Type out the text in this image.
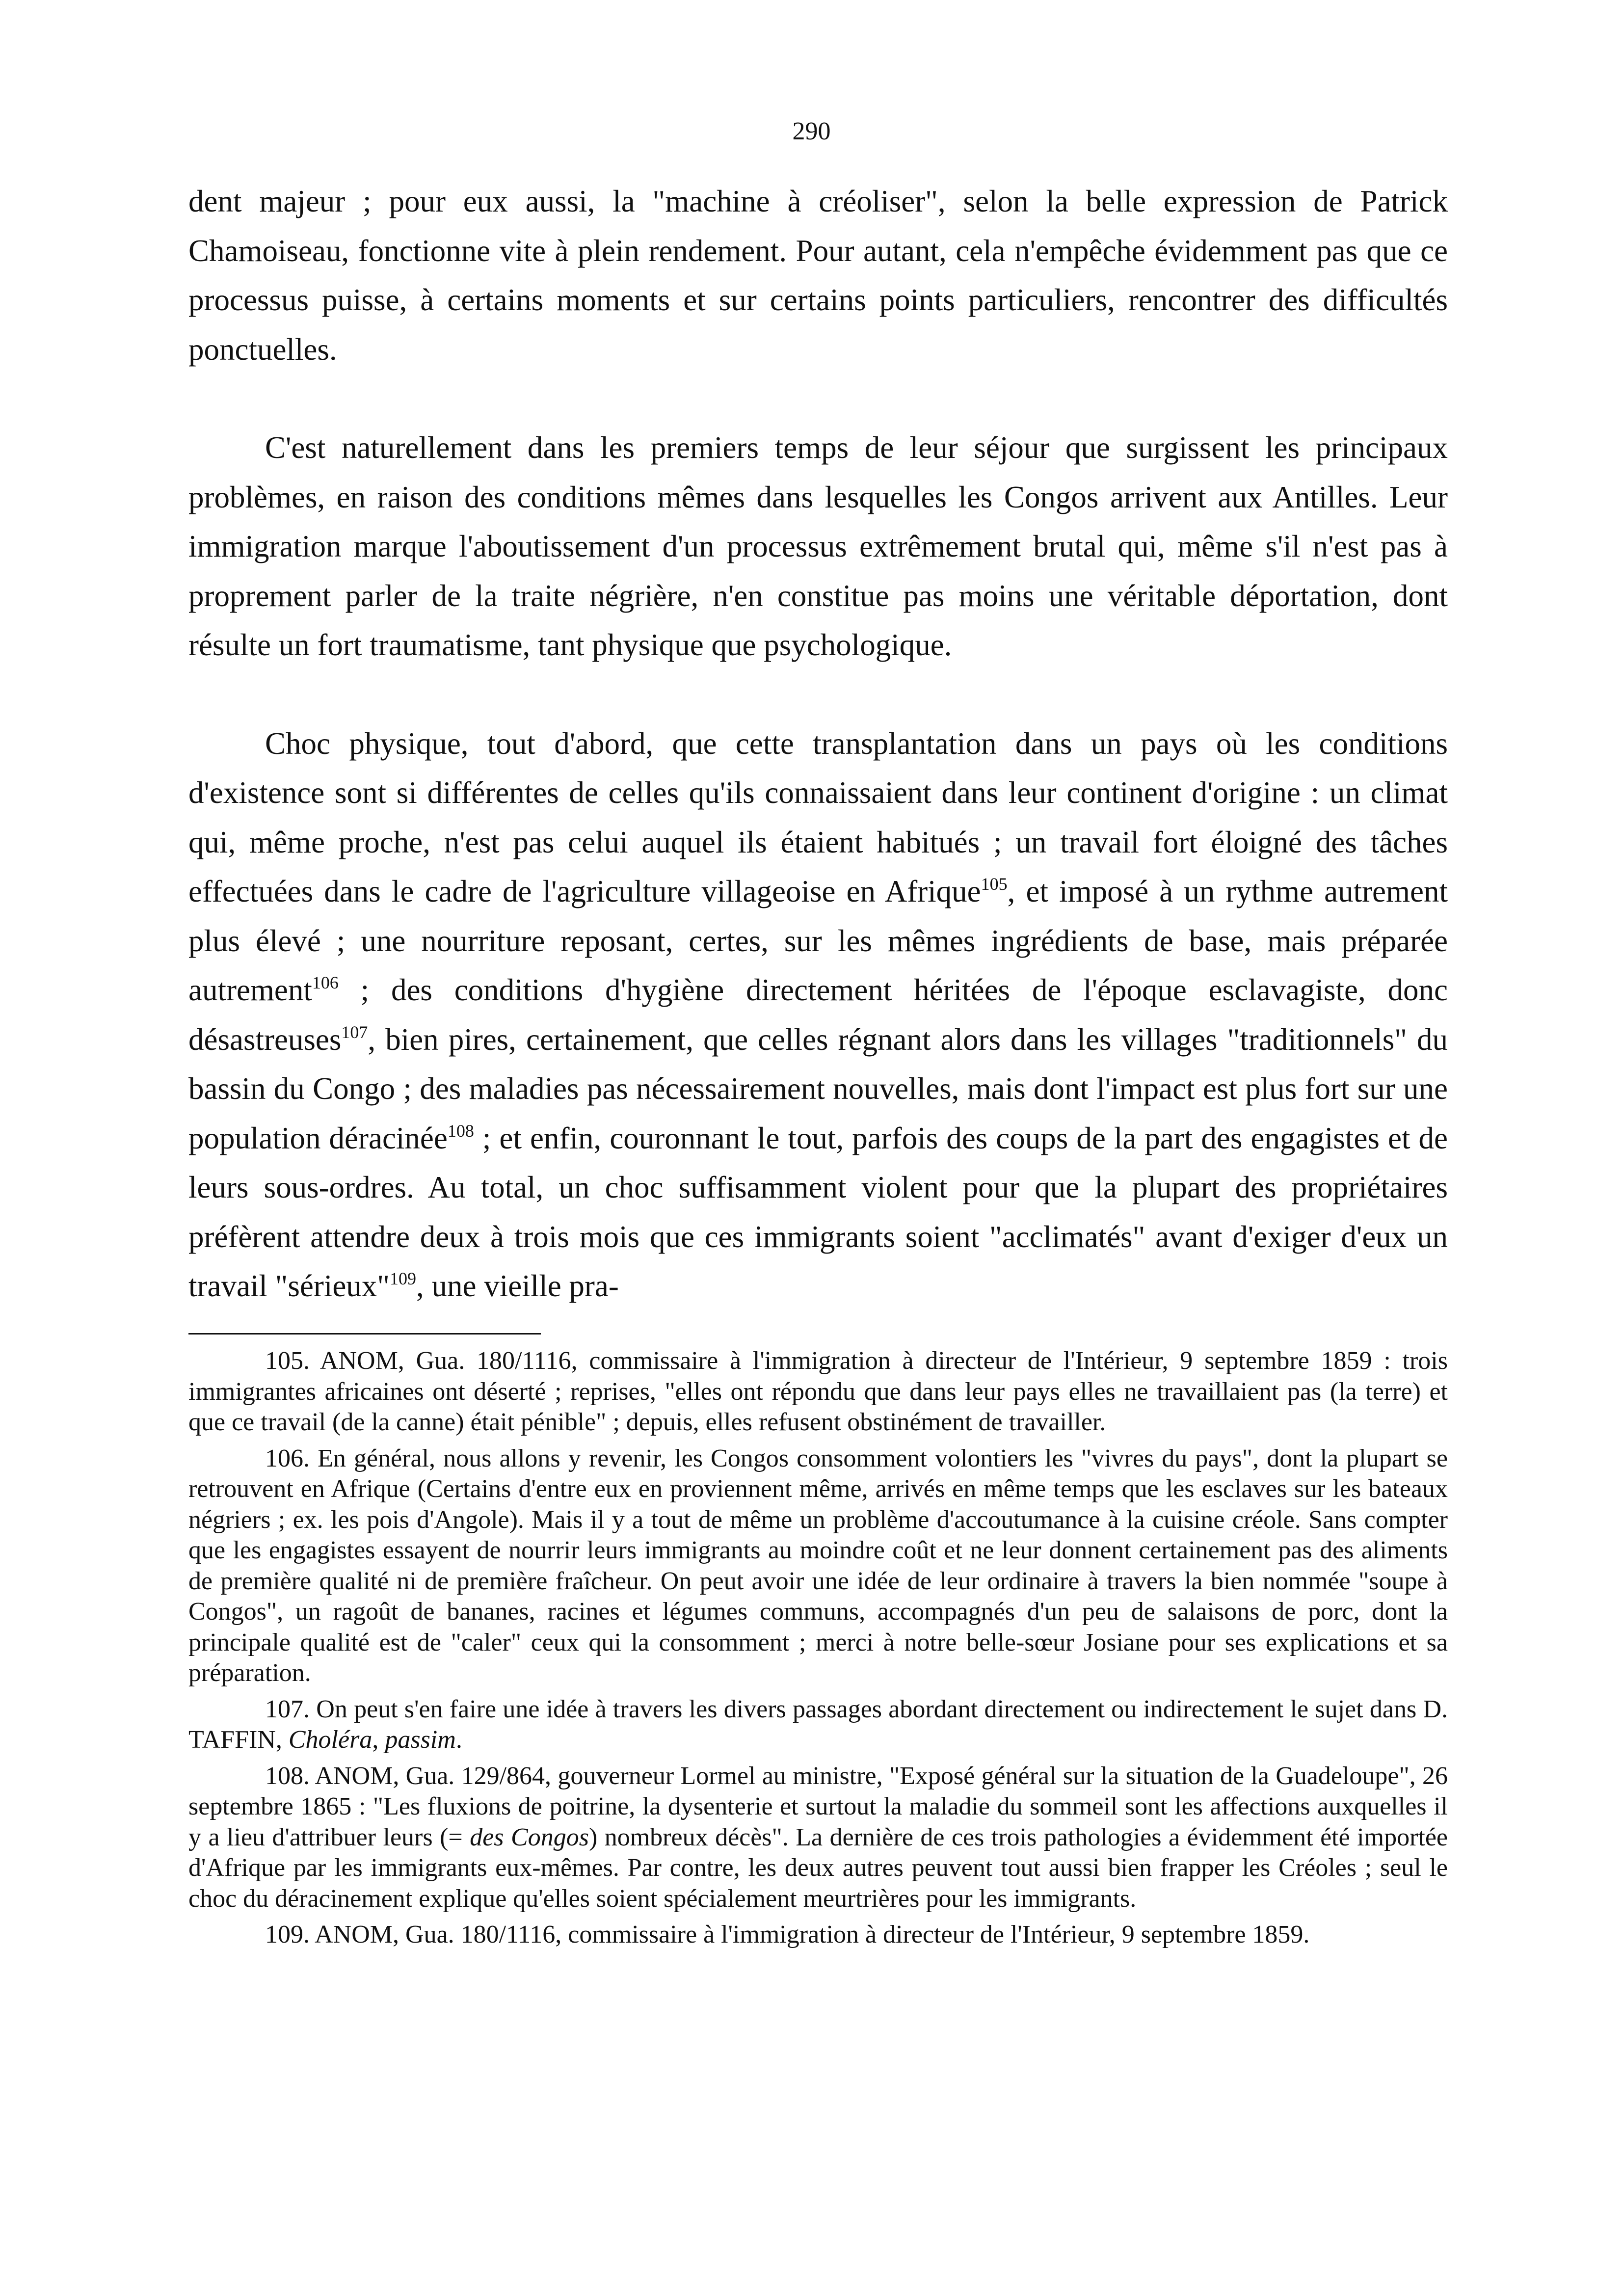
290

dent majeur ; pour eux aussi, la "machine à créoliser", selon la belle expression de Patrick Chamoiseau, fonctionne vite à plein rendement. Pour autant, cela n'empêche évidemment pas que ce processus puisse, à certains moments et sur certains points particuliers, rencontrer des difficultés ponctuelles.

C'est naturellement dans les premiers temps de leur séjour que surgissent les principaux problèmes, en raison des conditions mêmes dans lesquelles les Congos arrivent aux Antilles. Leur immigration marque l'aboutissement d'un processus extrêmement brutal qui, même s'il n'est pas à proprement parler de la traite négrière, n'en constitue pas moins une véritable déportation, dont résulte un fort traumatisme, tant physique que psychologique.

Choc physique, tout d'abord, que cette transplantation dans un pays où les conditions d'existence sont si différentes de celles qu'ils connaissaient dans leur continent d'origine : un climat qui, même proche, n'est pas celui auquel ils étaient habitués ; un travail fort éloigné des tâches effectuées dans le cadre de l'agriculture villageoise en Afrique$^{105}$, et imposé à un rythme autrement plus élevé ; une nourriture reposant, certes, sur les mêmes ingrédients de base, mais préparée autrement$^{106}$ ; des conditions d'hygiène directement héritées de l'époque esclavagiste, donc désastreuses$^{107}$, bien pires, certainement, que celles régnant alors dans les villages "traditionnels" du bassin du Congo ; des maladies pas nécessairement nouvelles, mais dont l'impact est plus fort sur une population déracinée$^{108}$ ; et enfin, couronnant le tout, parfois des coups de la part des engagistes et de leurs sous-ordres. Au total, un choc suffisamment violent pour que la plupart des propriétaires préfèrent attendre deux à trois mois que ces immigrants soient "acclimatés" avant d'exiger d'eux un travail "sérieux"$^{109}$, une vieille pra-

105. ANOM, Gua. 180/1116, commissaire à l'immigration à directeur de l'Intérieur, 9 septembre 1859 : trois immigrantes africaines ont déserté ; reprises, "elles ont répondu que dans leur pays elles ne travaillaient pas (la terre) et que ce travail (de la canne) était pénible" ; depuis, elles refusent obstinément de travailler.

106. En général, nous allons y revenir, les Congos consomment volontiers les "vivres du pays", dont la plupart se retrouvent en Afrique (Certains d'entre eux en proviennent même, arrivés en même temps que les esclaves sur les bateaux négriers ; ex. les pois d'Angole). Mais il y a tout de même un problème d'accoutumance à la cuisine créole. Sans compter que les engagistes essayent de nourrir leurs immigrants au moindre coût et ne leur donnent certainement pas des aliments de première qualité ni de première fraîcheur. On peut avoir une idée de leur ordinaire à travers la bien nommée "soupe à Congos", un ragoût de bananes, racines et légumes communs, accompagnés d'un peu de salaisons de porc, dont la principale qualité est de "caler" ceux qui la consomment ; merci à notre belle-sœur Josiane pour ses explications et sa préparation.

107. On peut s'en faire une idée à travers les divers passages abordant directement ou indirectement le sujet dans D. TAFFIN, Choléra, passim.

108. ANOM, Gua. 129/864, gouverneur Lormel au ministre, "Exposé général sur la situation de la Guadeloupe", 26 septembre 1865 : "Les fluxions de poitrine, la dysenterie et surtout la maladie du sommeil sont les affections auxquelles il y a lieu d'attribuer leurs (= des Congos) nombreux décès". La dernière de ces trois pathologies a évidemment été importée d'Afrique par les immigrants eux-mêmes. Par contre, les deux autres peuvent tout aussi bien frapper les Créoles ; seul le choc du déracinement explique qu'elles soient spécialement meurtrières pour les immigrants.

109. ANOM, Gua. 180/1116, commissaire à l'immigration à directeur de l'Intérieur, 9 septembre 1859.
